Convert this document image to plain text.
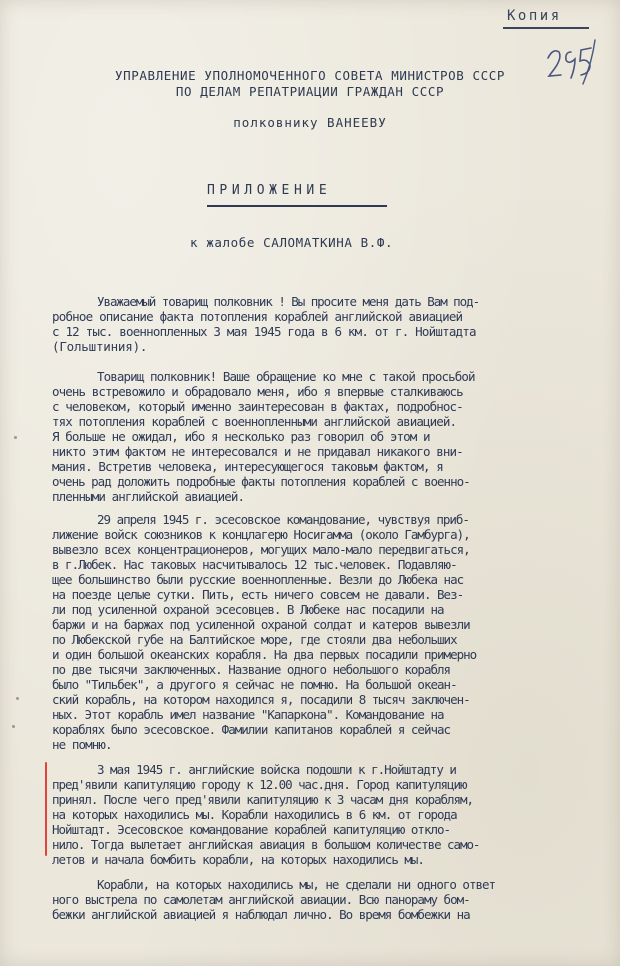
Копия
УПРАВЛЕНИЕ УПОЛНОМОЧЕННОГО СОВЕТА МИНИСТРОВ СССР
ПО ДЕЛАМ РЕПАТРИАЦИИ ГРАЖДАН СССР
полковнику ВАНЕЕВУ
ПРИЛОЖЕНИЕ
к жалобе САЛОМАТКИНА В.Ф.
Уважаемый товарищ полковник ! Вы просите меня дать Вам под-
робное описание факта потопления кораблей английской авиацией
с 12 тыс. военнопленных 3 мая 1945 года в 6 км. от г. Нойштадта
(Гольштиния).
Товарищ полковник! Ваше обращение ко мне с такой просьбой
очень встревожило и обрадовало меня, ибо я впервые сталкиваюсь
с человеком, который именно заинтересован в фактах, подробнос-
тях потопления кораблей с военнопленными английской авиацией.
Я больше не ожидал, ибо я несколько раз говорил об этом и
никто этим фактом не интересовался и не придавал никакого вни-
мания. Встретив человека, интересующегося таковым фактом, я
очень рад доложить подробные факты потопления кораблей с военно-
пленными английской авиацией.
29 апреля 1945 г. эсесовское командование, чувствуя приб-
лижение войск союзников к концлагерю Носигамма (около Гамбурга),
вывезло всех концентрационеров, могущих мало-мало передвигаться,
в г.Любек. Нас таковых насчитывалось 12 тыс.человек. Подавляю-
щее большинство были русские военнопленные. Везли до Любека нас
на поезде целые сутки. Пить, есть ничего совсем не давали. Вез-
ли под усиленной охраной эсесовцев. В Любеке нас посадили на
баржи и на баржах под усиленной охраной солдат и катеров вывезли
по Любекской губе на Балтийское море, где стояли два небольших
и один большой океанских корабля. На два первых посадили примерно
по две тысячи заключенных. Название одного небольшого корабля
было "Тильбек", а другого я сейчас не помню. На большой океан-
ский корабль, на котором находился я, посадили 8 тысяч заключен-
ных. Этот корабль имел название "Капаркона". Командование на
кораблях было эсесовское. Фамилии капитанов кораблей я сейчас
не помню.
3 мая 1945 г. английские войска подошли к г.Нойштадту и
пред'явили капитуляцию городу к 12.00 час.дня. Город капитуляцию
принял. После чего пред'явили капитуляцию к 3 часам дня кораблям,
на которых находились мы. Корабли находились в 6 км. от города
Нойштадт. Эсесовское командование кораблей капитуляцию откло-
нило. Тогда вылетает английская авиация в большом количестве само-
летов и начала бомбить корабли, на которых находились мы.
Корабли, на которых находились мы, не сделали ни одного ответ
ного выстрела по самолетам английской авиации. Всю панораму бом-
бежки английской авиацией я наблюдал лично. Во время бомбежки на
